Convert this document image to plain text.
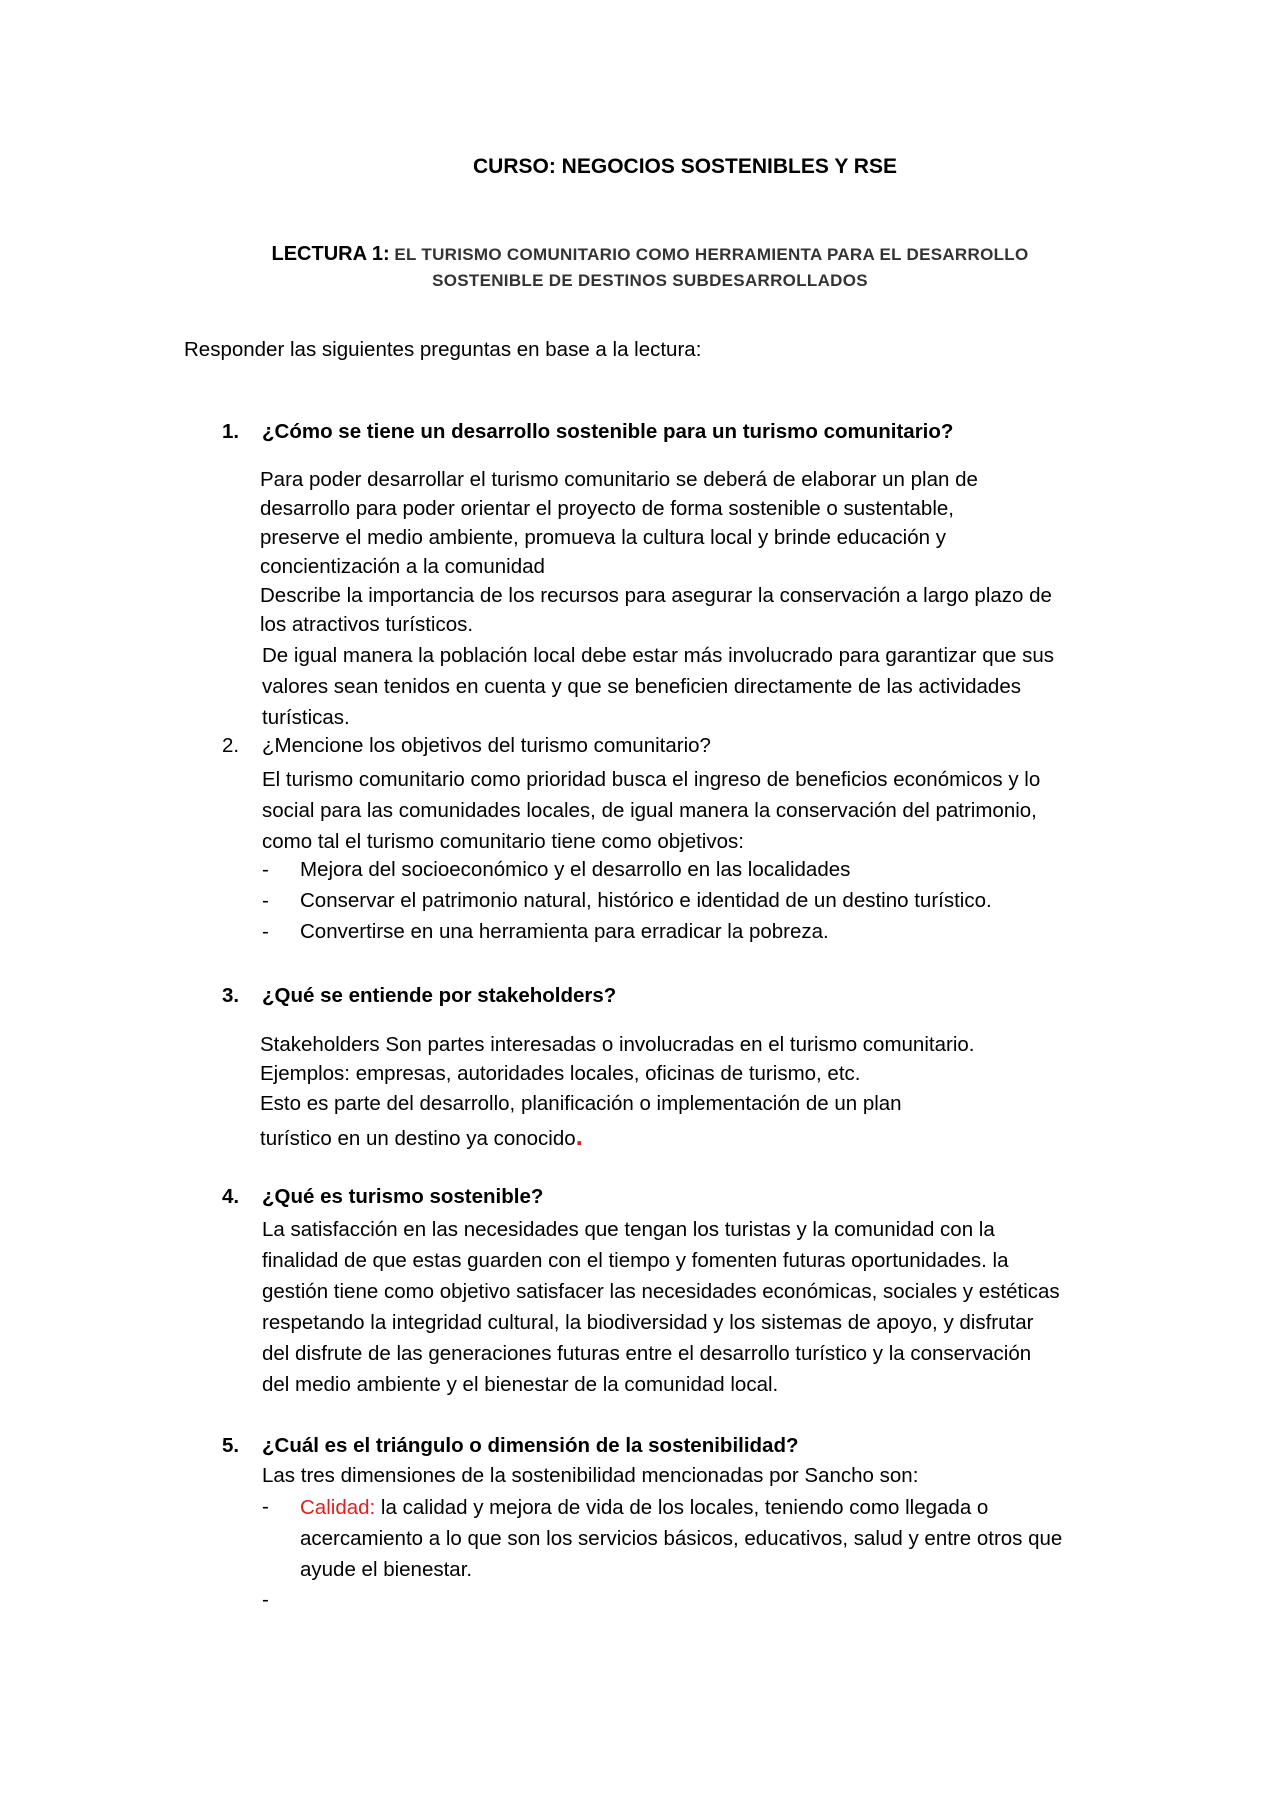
CURSO: NEGOCIOS SOSTENIBLES Y RSE
LECTURA 1: EL TURISMO COMUNITARIO COMO HERRAMIENTA PARA EL DESARROLLO
SOSTENIBLE DE DESTINOS SUBDESARROLLADOS
Responder las siguientes preguntas en base a la lectura:
1. ¿Cómo se tiene un desarrollo sostenible para un turismo comunitario?
Para poder desarrollar el turismo comunitario se deberá de elaborar un plan de
desarrollo para poder orientar el proyecto de forma sostenible o sustentable,
preserve el medio ambiente, promueva la cultura local y brinde educación y
concientización a la comunidad
Describe la importancia de los recursos para asegurar la conservación a largo plazo de
los atractivos turísticos.
De igual manera la población local debe estar más involucrado para garantizar que sus
valores sean tenidos en cuenta y que se beneficien directamente de las actividades
turísticas.
2. ¿Mencione los objetivos del turismo comunitario?
El turismo comunitario como prioridad busca el ingreso de beneficios económicos y lo
social para las comunidades locales, de igual manera la conservación del patrimonio,
como tal el turismo comunitario tiene como objetivos:
- Mejora del socioeconómico y el desarrollo en las localidades
- Conservar el patrimonio natural, histórico e identidad de un destino turístico.
- Convertirse en una herramienta para erradicar la pobreza.
3. ¿Qué se entiende por stakeholders?
Stakeholders Son partes interesadas o involucradas en el turismo comunitario.
Ejemplos: empresas, autoridades locales, oficinas de turismo, etc.
Esto es parte del desarrollo, planificación o implementación de un plan
turístico en un destino ya conocido.
4. ¿Qué es turismo sostenible?
La satisfacción en las necesidades que tengan los turistas y la comunidad con la
finalidad de que estas guarden con el tiempo y fomenten futuras oportunidades. la
gestión tiene como objetivo satisfacer las necesidades económicas, sociales y estéticas
respetando la integridad cultural, la biodiversidad y los sistemas de apoyo, y disfrutar
del disfrute de las generaciones futuras entre el desarrollo turístico y la conservación
del medio ambiente y el bienestar de la comunidad local.
5. ¿Cuál es el triángulo o dimensión de la sostenibilidad?
Las tres dimensiones de la sostenibilidad mencionadas por Sancho son:
- Calidad: la calidad y mejora de vida de los locales, teniendo como llegada o
acercamiento a lo que son los servicios básicos, educativos, salud y entre otros que
ayude el bienestar.
-
